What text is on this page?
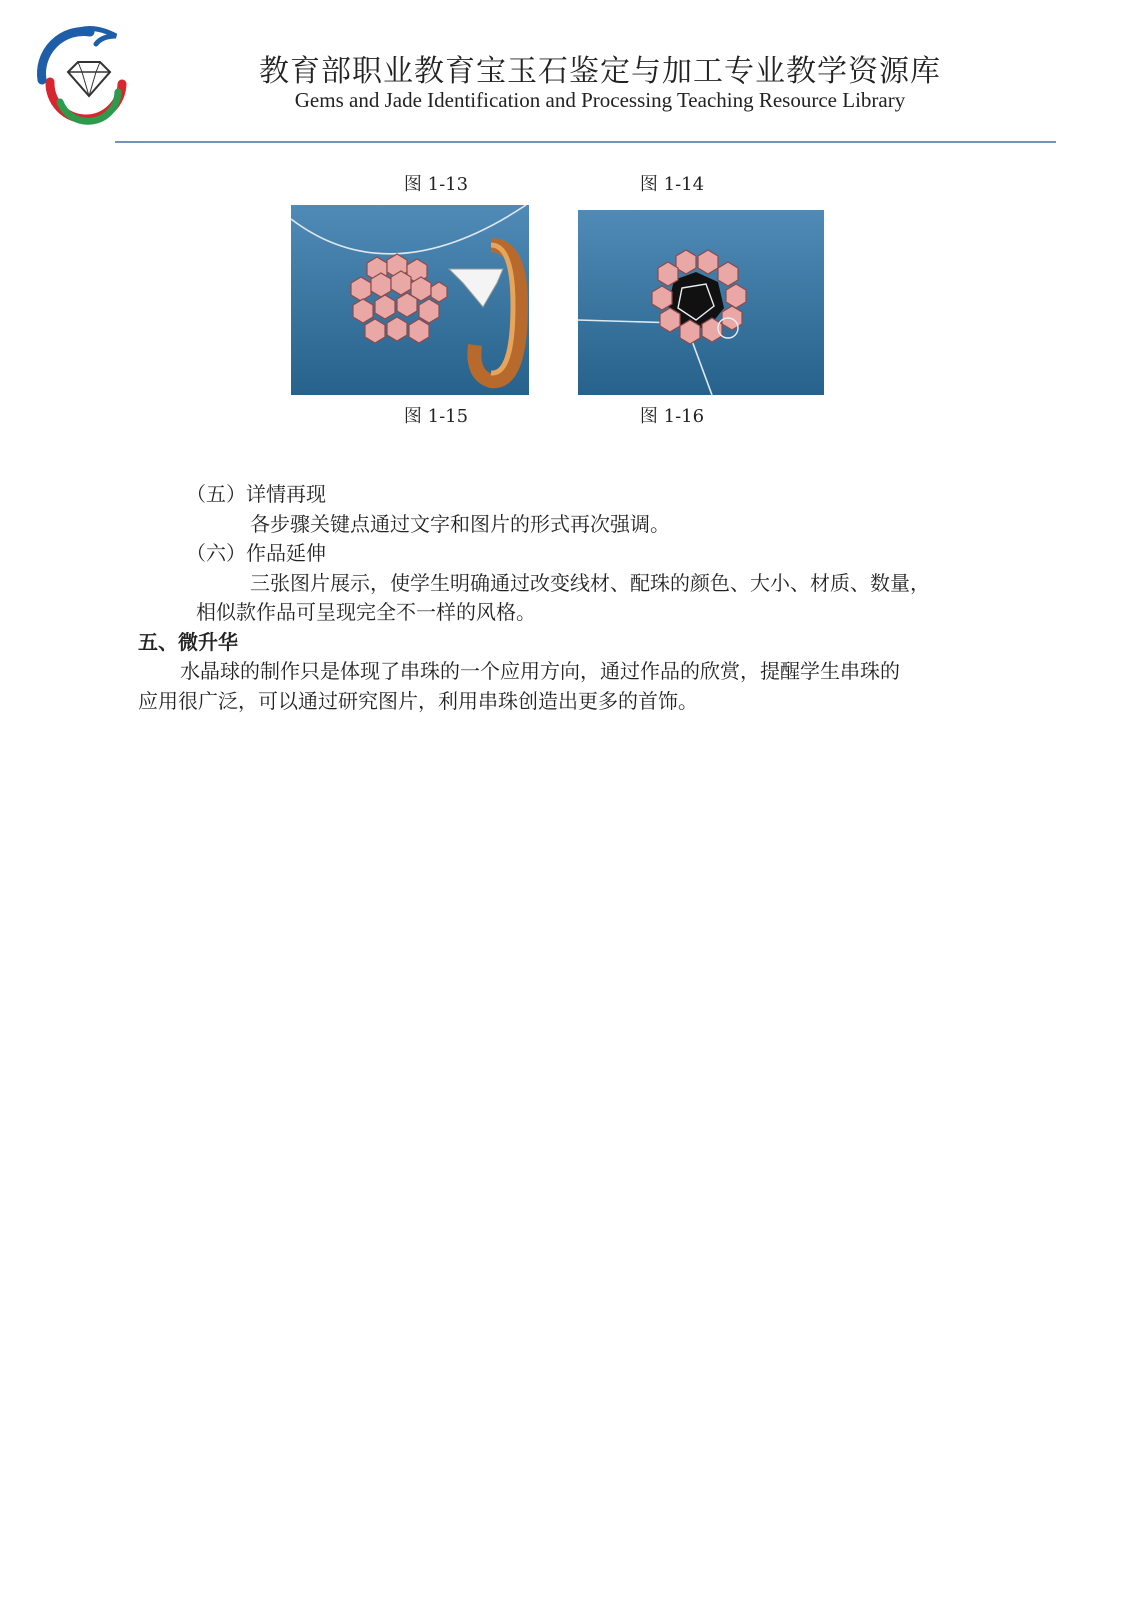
教育部职业教育宝玉石鉴定与加工专业教学资源库
Gems and Jade Identification and Processing Teaching Resource Library
图 1-13	图 1-14
图 1-15	图 1-16
（五）详情再现
各步骤关键点通过文字和图片的形式再次强调。
（六）作品延伸
三张图片展示，使学生明确通过改变线材、配珠的颜色、大小、材质、数量，
相似款作品可呈现完全不一样的风格。
五、微升华
水晶球的制作只是体现了串珠的一个应用方向，通过作品的欣赏，提醒学生串珠的
应用很广泛，可以通过研究图片，利用串珠创造出更多的首饰。
